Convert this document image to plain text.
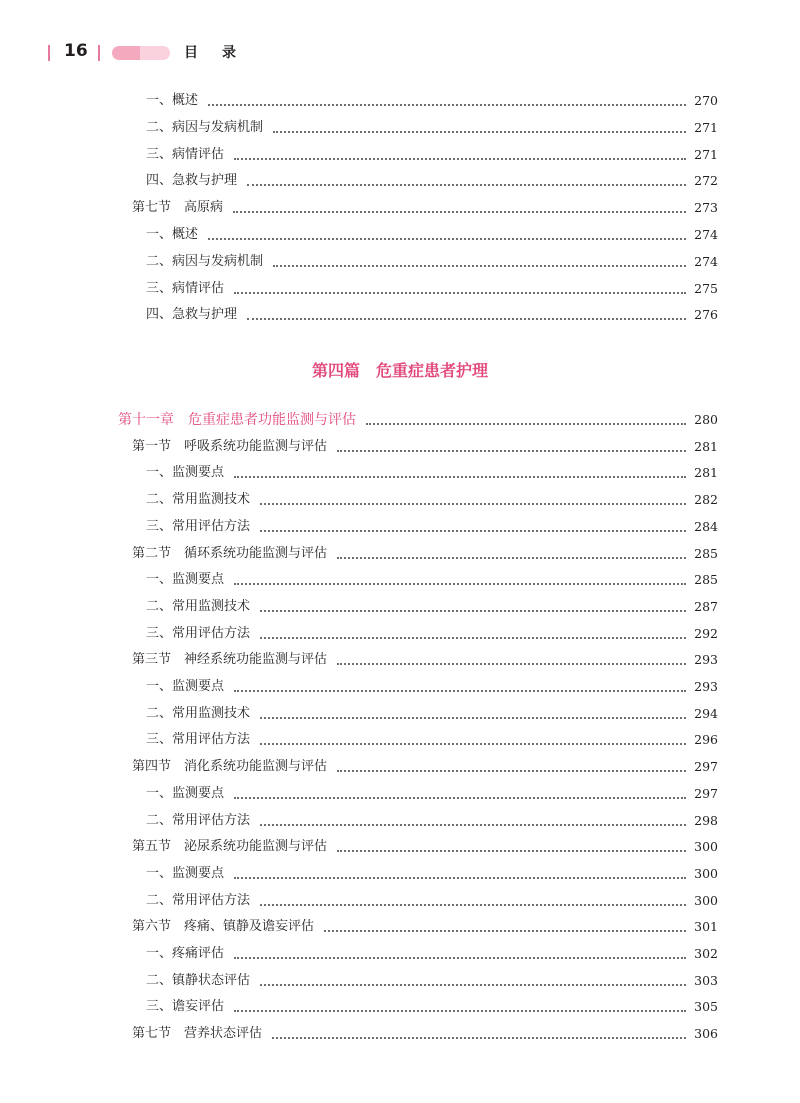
16	目录
一、概述	270
二、病因与发病机制	271
三、病情评估	271
四、急救与护理	272
第七节　高原病	273
一、概述	274
二、病因与发病机制	274
三、病情评估	275
四、急救与护理	276
第四篇　危重症患者护理
第十一章　危重症患者功能监测与评估	280
第一节　呼吸系统功能监测与评估	281
一、监测要点	281
二、常用监测技术	282
三、常用评估方法	284
第二节　循环系统功能监测与评估	285
一、监测要点	285
二、常用监测技术	287
三、常用评估方法	292
第三节　神经系统功能监测与评估	293
一、监测要点	293
二、常用监测技术	294
三、常用评估方法	296
第四节　消化系统功能监测与评估	297
一、监测要点	297
二、常用评估方法	298
第五节　泌尿系统功能监测与评估	300
一、监测要点	300
二、常用评估方法	300
第六节　疼痛、镇静及谵妄评估	301
一、疼痛评估	302
二、镇静状态评估	303
三、谵妄评估	305
第七节　营养状态评估	306
